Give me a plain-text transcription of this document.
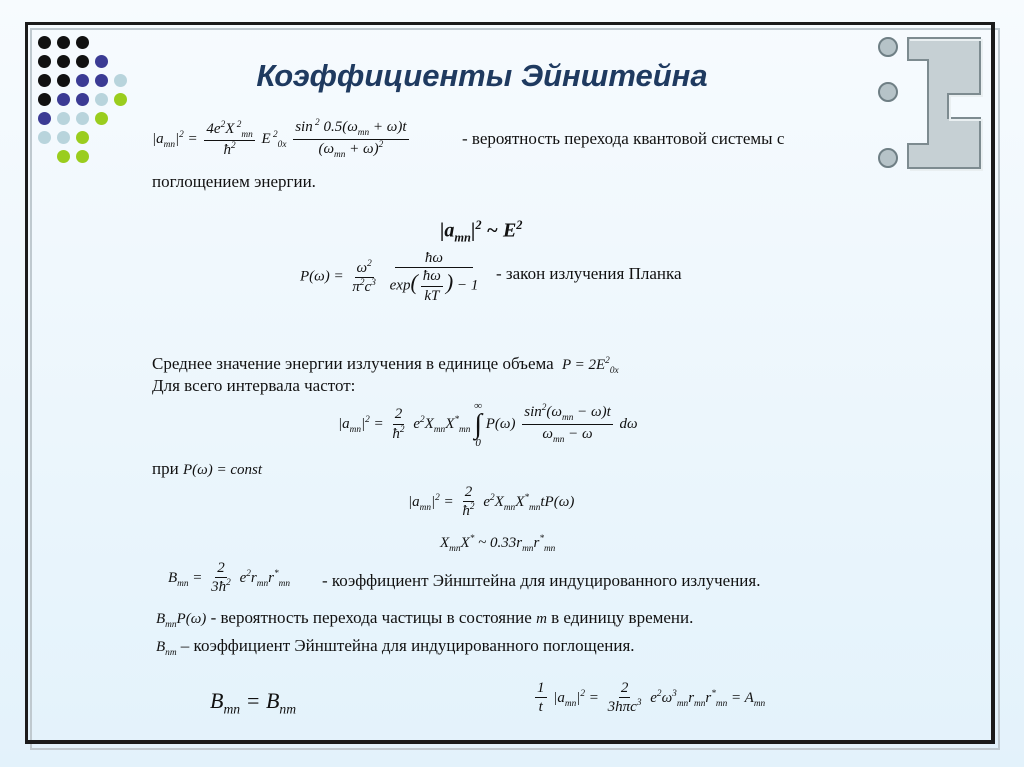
Коэффициенты Эйнштейна
$|a_{mn}|^2 = \frac{4e^2X ^2_{mn}}{ħ^2}$ E $^2_{0x} \frac{\sin ^2 0.5(\omega_{mn} + \omega)t}{(\omega_{mn} + \omega)^2}$	- вероятность перехода квантовой системы с
поглощением энергии.
$|a_{mn}|^2$ ~ $E^2$
$P(\omega) = \frac{\omega^2}{\pi^2c^3}$
$\frac{ħ\omega}{\exp( \frac{ħ\omega}{kT} ) - 1}$ - закон излучения Планка
Среднее значение энергии излучения в единице объема $P = 2E^2_{0x}$
Для всего интервала частот:
$|a_{mn}|^2 = \frac{2}{ħ^2} e^2X_{mn}X^*_{mn}$
∞
∫
0
$P(\omega) \frac{\sin^2(\omega_{mn} - \omega)t}{\omega_{mn} - \omega}$ dω
при P(ω) = const
$|a_{mn}|^2 = \frac{2}{ħ^2} e^2X_{mn}X^*_{mn}tP(\omega)$
$X_{mn}X^*$ ~ $0.33r_{mn}r^*_{mn}$
$B_{mn} = \frac{2}{3ħ^2} e^2r_{mn}r^*_{mn}$ - коэффициент Эйнштейна для индуцированного излучения.
$B_{mn}P(\omega)$ - вероятность перехода частицы в состояние m в единицу времени.
$B_{nm}$ – коэффициент Эйнштейна для индуцированного поглощения.
$B_{mn} = B_{nm}$	$\frac{1}{t} |a_{mn}|^2 = \frac{2}{3h\pi c^3} e^2\omega^3_{mn}r_{mn}r^*_{mn} = A_{mn}$
